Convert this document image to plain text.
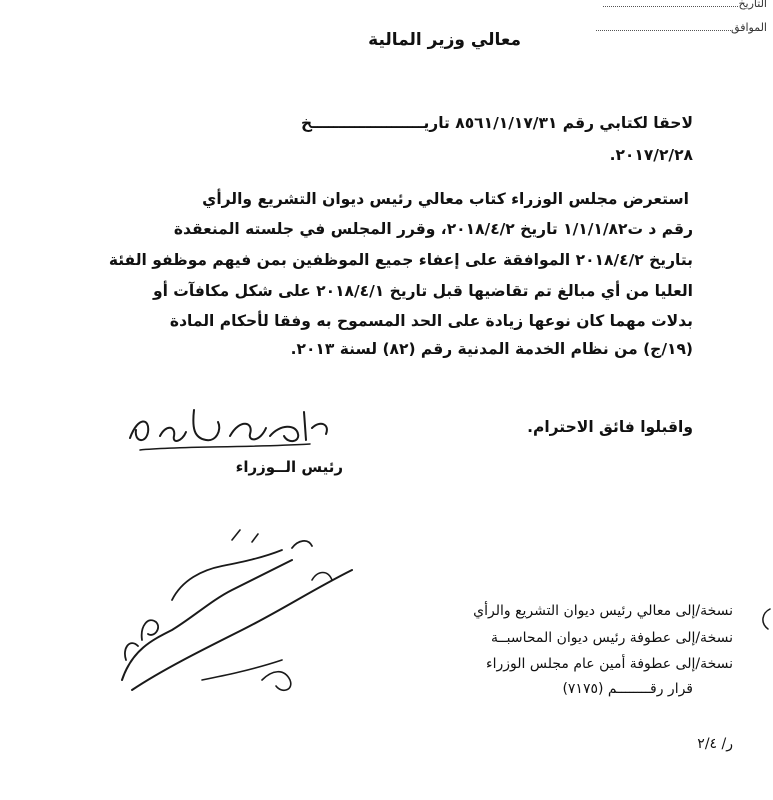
التاريخ
الموافق
معالي وزير المالية
لاحقا لكتابي رقم ٨٥٦١/١/١٧/٣١ تاريـــــــــــــــــــــخ
٢٠١٧/٢/٢٨.
استعرض مجلس الوزراء كتاب معالي رئيس ديوان التشريع والرأي
رقم د ت١/١/١/٨٢ تاريخ ٢٠١٨/٤/٢، وقرر المجلس في جلسته المنعقدة
بتاريخ ٢٠١٨/٤/٢ الموافقة على إعفاء جميع الموظفين بمن فيهم موظفو الفئة
العليا من أي مبالغ تم تقاضيها قبل تاريخ ٢٠١٨/٤/١ على شكل مكافآت أو
بدلات مهما كان نوعها زيادة على الحد المسموح به وفقا لأحكام المادة
(١٩/ج) من نظام الخدمة المدنية رقم (٨٢) لسنة ٢٠١٣.
واقبلوا فائق الاحترام.
رئيس الــوزراء
نسخة/إلى معالي رئيس ديوان التشريع والرأي
نسخة/إلى عطوفة رئيس ديوان المحاسبــة
نسخة/إلى عطوفة أمين عام مجلس الوزراء
قرار رقــــــــم (٧١٧٥)
ر/ ٢/٤
